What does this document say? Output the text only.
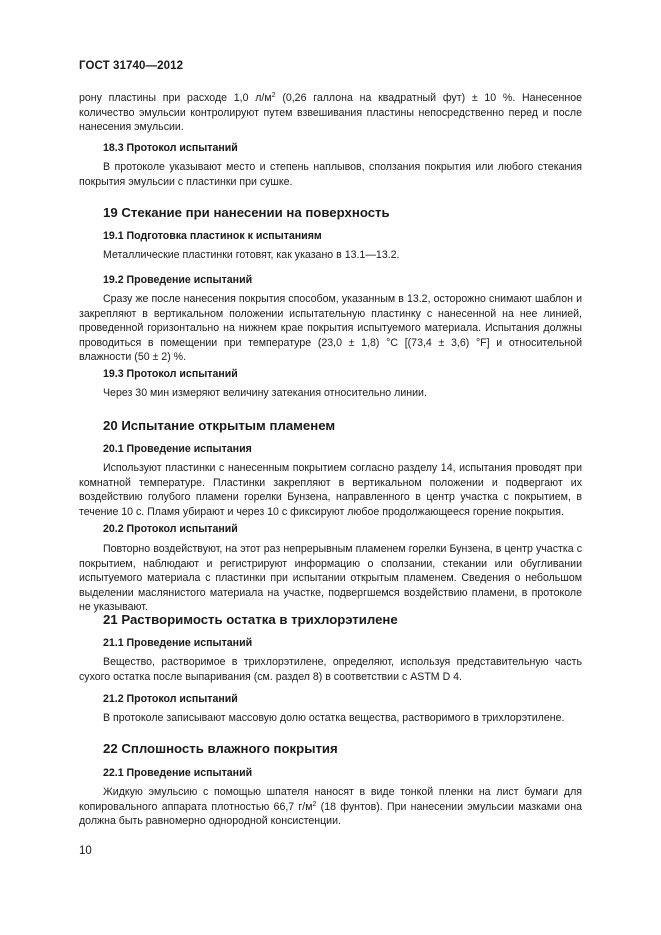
ГОСТ 31740—2012

рону пластины при расходе 1,0 $л/м^2$ (0,26 галлона на квадратный фут) ± 10 %. Нанесенное количество эмульсии контролируют путем взвешивания пластины непосредственно перед и после нанесения эмульсии.

18.3 Протокол испытаний

В протоколе указывают место и степень наплывов, сползания покрытия или любого стекания покрытия эмульсии с пластинки при сушке.

19 Стекание при нанесении на поверхность

19.1 Подготовка пластинок к испытаниям

Металлические пластинки готовят, как указано в 13.1—13.2.

19.2 Проведение испытаний

Сразу же после нанесения покрытия способом, указанным в 13.2, осторожно снимают шаблон и закрепляют в вертикальном положении испытательную пластинку с нанесенной на нее линией, проведенной горизонтально на нижнем крае покрытия испытуемого материала. Испытания должны проводиться в помещении при температуре (23,0 ± 1,8) °C [(73,4 ± 3,6) °F] и относительной влажности (50 ± 2) %.

19.3 Протокол испытаний

Через 30 мин измеряют величину затекания относительно линии.

20 Испытание открытым пламенем

20.1 Проведение испытания

Используют пластинки с нанесенным покрытием согласно разделу 14, испытания проводят при комнатной температуре. Пластинки закрепляют в вертикальном положении и подвергают их воздействию голубого пламени горелки Бунзена, направленного в центр участка с покрытием, в течение 10 с. Пламя убирают и через 10 с фиксируют любое продолжающееся горение покрытия.

20.2 Протокол испытаний

Повторно воздействуют, на этот раз непрерывным пламенем горелки Бунзена, в центр участка с покрытием, наблюдают и регистрируют информацию о сползании, стекании или обугливании испытуемого материала с пластинки при испытании открытым пламенем. Сведения о небольшом выделении маслянистого материала на участке, подвергшемся воздействию пламени, в протоколе не указывают.

21 Растворимость остатка в трихлорэтилене

21.1 Проведение испытаний

Вещество, растворимое в трихлорэтилене, определяют, используя представительную часть сухого остатка после выпаривания (см. раздел 8) в соответствии с ASTM D 4.

21.2 Протокол испытаний

В протоколе записывают массовую долю остатка вещества, растворимого в трихлорэтилене.

22 Сплошность влажного покрытия

22.1 Проведение испытаний

Жидкую эмульсию с помощью шпателя наносят в виде тонкой пленки на лист бумаги для копировального аппарата плотностью 66,7 $г/м^2$ (18 фунтов). При нанесении эмульсии мазками она должна быть равномерно однородной консистенции.

10
